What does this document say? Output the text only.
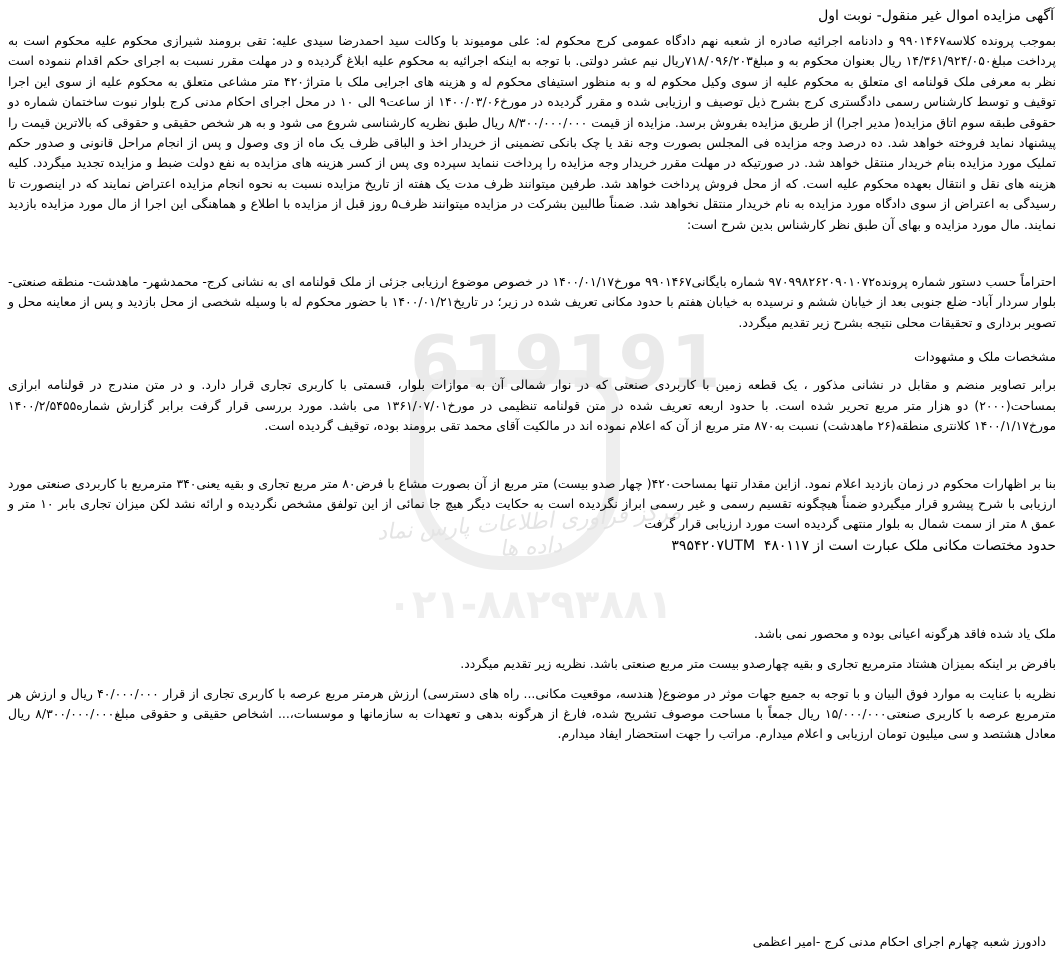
619191
مرکز فرآوری اطلاعات پارس نماد داده ها
۰۲۱-۸۸۲۹۳۸۸۱
آگهی مزایده اموال غیر منقول- نوبت اول

بموجب پرونده کلاسه۹۹۰۱۴۶۷ و دادنامه اجرائیه صادره از شعبه نهم دادگاه عمومی کرج محکوم له: علی مومیوند با وکالت سید احمدرضا سیدی علیه: تقی برومند شیرازی محکوم علیه محکوم است به پرداخت مبلغ۱۴/۳۶۱/۹۲۴/۰۵۰ ریال بعنوان محکوم به و مبلغ۷۱۸/۰۹۶/۲۰۳ریال نیم عشر دولتی. با توجه به اینکه اجرائیه به محکوم علیه ابلاغ گردیده و در مهلت مقرر نسبت به اجرای حکم اقدام ننموده است نظر به معرفی ملک قولنامه ای متعلق به محکوم علیه از سوی وکیل محکوم له و به منظور استیفای محکوم له و هزینه های اجرایی ملک با متراژ۴۲۰ متر مشاعی متعلق به محکوم علیه از سوی این اجرا توقیف و توسط کارشناس رسمی دادگستری کرج بشرح ذیل توصیف و ارزیابی شده و مقرر گردیده در مورخ۱۴۰۰/۰۳/۰۶ از ساعت۹ الی ۱۰ در محل اجرای احکام مدنی کرج بلوار نبوت ساختمان شماره دو حقوقی طبقه سوم اتاق مزایده( مدیر اجرا) از طریق مزایده بفروش برسد. مزایده از قیمت ۸/۳۰۰/۰۰۰/۰۰۰ ریال طبق نظریه کارشناسی شروع می شود و به هر شخص حقیقی و حقوقی که بالاترین قیمت را پیشنهاد نماید فروخته خواهد شد. ده درصد وجه مزایده فی المجلس بصورت وجه نقد یا چک بانکی تضمینی از خریدار اخذ و الباقی ظرف یک ماه از وی وصول و پس از انجام مراحل قانونی و صدور حکم تملیک مورد مزایده بنام خریدار منتقل خواهد شد. در صورتیکه در مهلت مقرر خریدار وجه مزایده را پرداخت ننماید سپرده وی پس از کسر هزینه های مزایده به نفع دولت ضبط و مزایده تجدید میگردد. کلیه هزینه های نقل و انتقال بعهده محکوم علیه است. که از محل فروش پرداخت خواهد شد. طرفین میتوانند ظرف مدت یک هفته از تاریخ مزایده نسبت به نحوه انجام مزایده اعتراض نمایند که در اینصورت تا رسیدگی به اعتراض از سوی دادگاه مورد مزایده به نام خریدار منتقل نخواهد شد. ضمناً طالبین بشرکت در مزایده میتوانند ظرف۵ روز قبل از مزایده با اطلاع و هماهنگی این اجرا از مال مورد مزایده بازدید نمایند. مال مورد مزایده و بهای آن طبق نظر کارشناس بدین شرح است:

احتراماً حسب دستور شماره پرونده۹۷۰۹۹۸۲۶۲۰۹۰۱۰۷۲ شماره بایگانی۹۹۰۱۴۶۷ مورخ۱۴۰۰/۰۱/۱۷ در خصوص موضوع ارزیابی جزئی از ملک قولنامه ای به نشانی کرج- محمدشهر- ماهدشت- منطقه صنعتی- بلوار سردار آباد- ضلع جنوبی بعد از خیابان ششم و نرسیده به خیابان هفتم با حدود مکانی تعریف شده در زیر؛ در تاریخ۱۴۰۰/۰۱/۲۱ با حضور محکوم له با وسیله شخصی از محل بازدید و پس از معاینه محل و تصویر برداری و تحقیقات محلی نتیجه بشرح زیر تقدیم میگردد.

مشخصات ملک و مشهودات

برابر تصاویر منضم و مقابل در نشانی مذکور ، یک قطعه زمین با کاربردی صنعتی که در نوار شمالی آن به موازات بلوار، قسمتی با کاربری تجاری قرار دارد. و در متن مندرج در قولنامه ابرازی بمساحت(۲۰۰۰) دو هزار متر مربع تحریر شده است. با حدود اربعه تعریف شده در متن قولنامه تنظیمی در مورخ۱۳۶۱/۰۷/۰۱ می باشد. مورد بررسی قرار گرفت برابر گزارش شماره۱۴۰۰/۲/۵۴۵۵ مورخ۱۴۰۰/۱/۱۷ کلانتری منطقه(۲۶ ماهدشت) نسبت به۸۷۰ متر مربع از آن که اعلام نموده اند در مالکیت آقای محمد تقی برومند بوده، توقیف گردیده است.

بنا بر اظهارات محکوم در زمان بازدید اعلام نمود. ازاین مقدار تنها بمساحت۴۲۰( چهار صدو بیست) متر مربع از آن بصورت مشاع با فرض۸۰ متر مربع تجاری و بقیه یعنی۳۴۰ مترمربع با کاربردی صنعتی مورد ارزیابی با شرح پیشرو قرار میگیردو ضمناً هیچگونه تقسیم رسمی و غیر رسمی ابراز نگردیده است به حکایت دیگر هیچ جا نمائی از این تولفق مشخص نگردیده و ارائه نشد لکن میزان تجاری بابر ۱۰ متر و عمق ۸ متر از سمت شمال به بلوار منتهی گردیده است مورد ارزیابی قرار گرفت

حدود مختصات مکانی ملک عبارت است از ۳۹۵۴۲۰۷UTM ۴۸۰۱۱۷

ملک یاد شده فاقد هرگونه اعیانی بوده و محصور نمی باشد.

بافرض بر اینکه بمیزان هشتاد مترمربع تجاری و بقیه چهارصدو بیست متر مربع صنعتی باشد. نظریه زیر تقدیم میگردد.

نظریه با عنایت به موارد فوق البیان و با توجه به جمیع جهات موثر در موضوع( هندسه، موقعیت مکانی... راه های دسترسی) ارزش هرمتر مربع عرصه با کاربری تجاری از قرار ۴۰/۰۰۰/۰۰۰ ریال و ارزش هر مترمربع عرصه با کاربری صنعتی۱۵/۰۰۰/۰۰۰ ریال جمعاً با مساحت موصوف تشریح شده، فارغ از هرگونه بدهی و تعهدات به سازمانها و موسسات،... اشخاص حقیقی و حقوقی مبلغ۸/۳۰۰/۰۰۰/۰۰۰ ریال معادل هشتصد و سی میلیون تومان ارزیابی و اعلام میدارم. مراتب را جهت استحضار ایفاد میدارم.

دادورز شعبه چهارم اجرای احکام مدنی کرج -امیر اعظمی
